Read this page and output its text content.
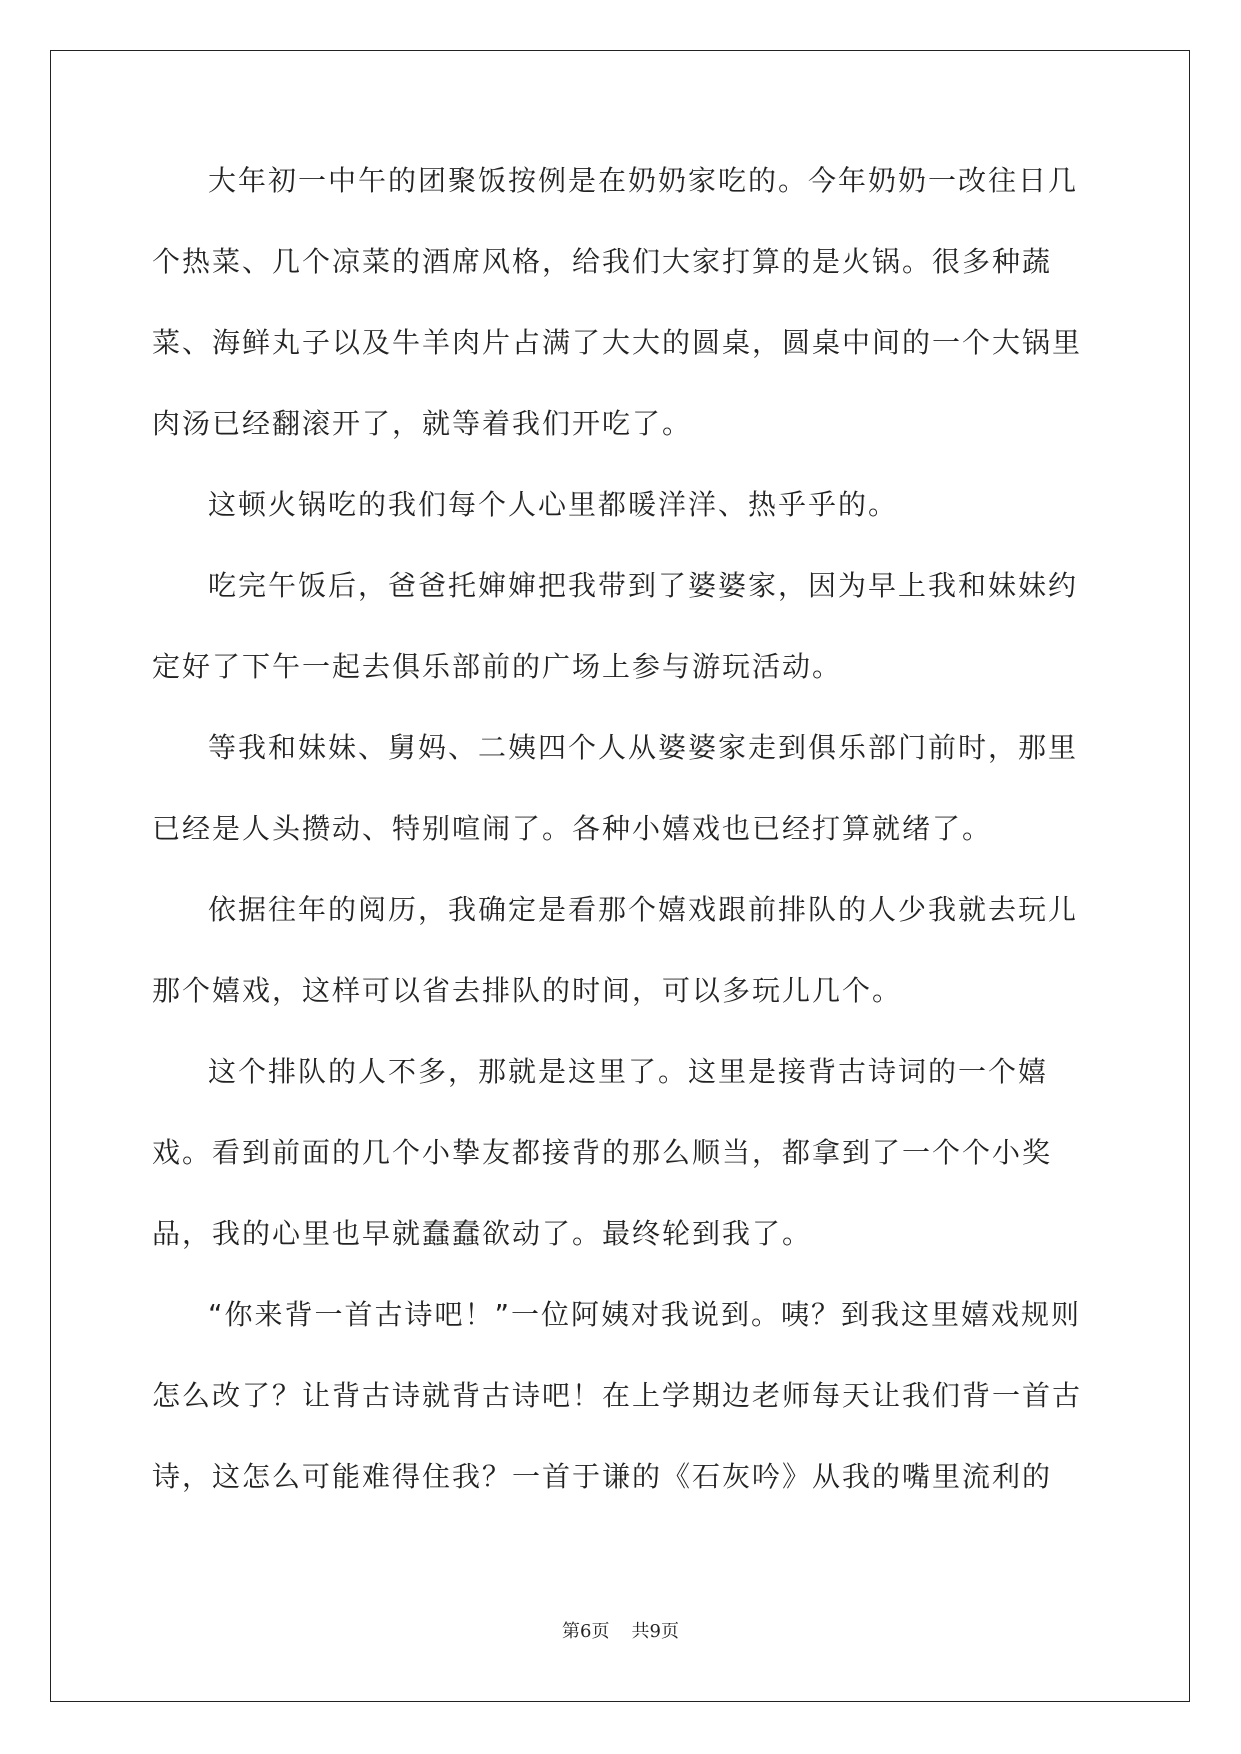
大年初一中午的团聚饭按例是在奶奶家吃的。今年奶奶一改往日几个热菜、几个凉菜的酒席风格，给我们大家打算的是火锅。很多种蔬菜、海鲜丸子以及牛羊肉片占满了大大的圆桌，圆桌中间的一个大锅里肉汤已经翻滚开了，就等着我们开吃了。

这顿火锅吃的我们每个人心里都暖洋洋、热乎乎的。

吃完午饭后，爸爸托婶婶把我带到了婆婆家，因为早上我和妹妹约定好了下午一起去俱乐部前的广场上参与游玩活动。

等我和妹妹、舅妈、二姨四个人从婆婆家走到俱乐部门前时，那里已经是人头攒动、特别喧闹了。各种小嬉戏也已经打算就绪了。

依据往年的阅历，我确定是看那个嬉戏跟前排队的人少我就去玩儿那个嬉戏，这样可以省去排队的时间，可以多玩儿几个。

这个排队的人不多，那就是这里了。这里是接背古诗词的一个嬉戏。看到前面的几个小挚友都接背的那么顺当，都拿到了一个个小奖品，我的心里也早就蠢蠢欲动了。最终轮到我了。

“你来背一首古诗吧！”一位阿姨对我说到。咦？到我这里嬉戏规则怎么改了？让背古诗就背古诗吧！在上学期边老师每天让我们背一首古诗，这怎么可能难得住我？一首于谦的《石灰吟》从我的嘴里流利的

第6页 共9页
